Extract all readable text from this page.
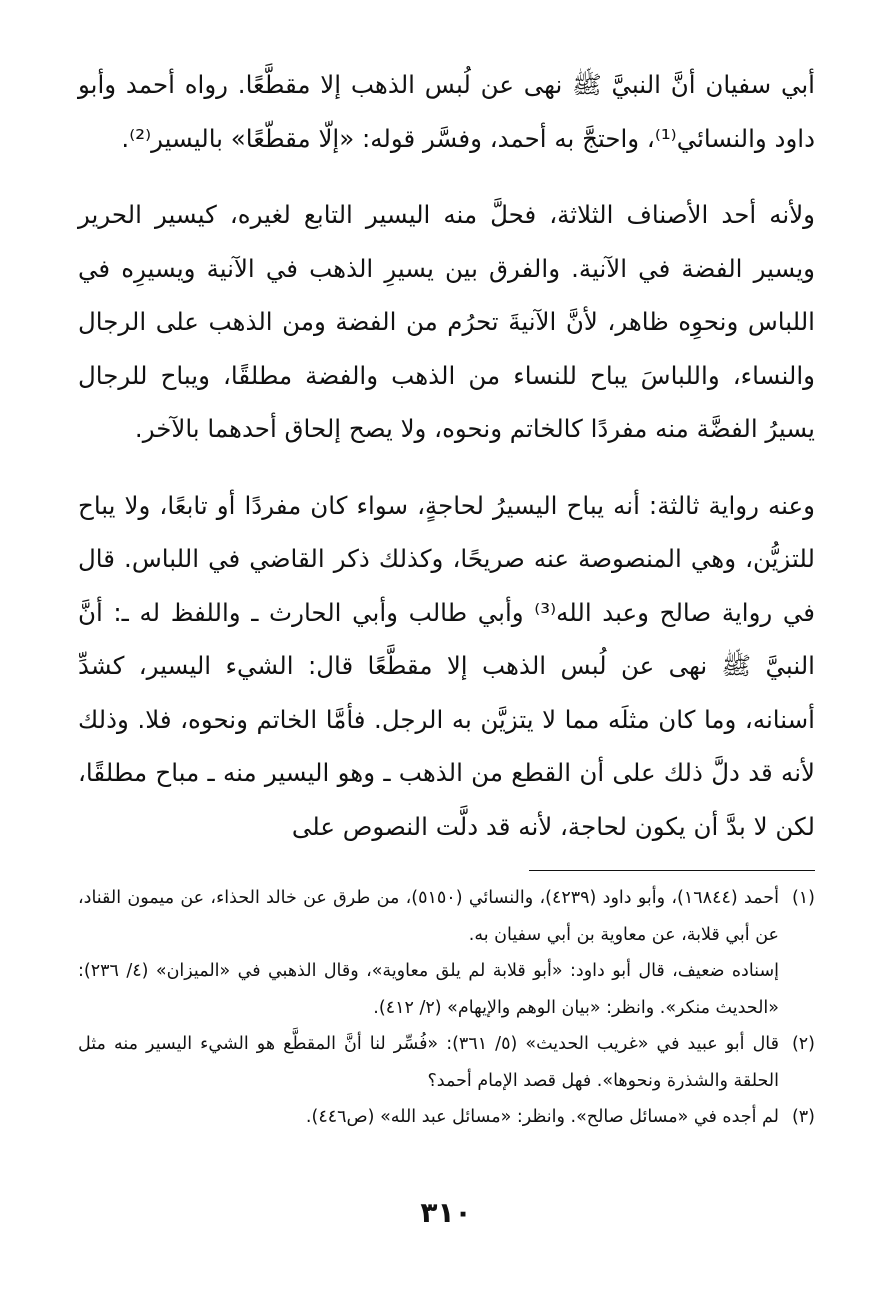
أبي سفيان أنَّ النبيَّ ﷺ نهى عن لُبس الذهب إلا مقطَّعًا. رواه أحمد وأبو داود والنسائي⁽¹⁾، واحتجَّ به أحمد، وفسَّر قوله: «إلّا مقطّعًا» باليسير⁽²⁾.

ولأنه أحد الأصناف الثلاثة، فحلَّ منه اليسير التابع لغيره، كيسير الحرير ويسير الفضة في الآنية. والفرق بين يسيرِ الذهب في الآنية ويسيرِه في اللباس ونحوِه ظاهر، لأنَّ الآنيةَ تحرُم من الفضة ومن الذهب على الرجال والنساء، واللباسَ يباح للنساء من الذهب والفضة مطلقًا، ويباح للرجال يسيرُ الفضَّة منه مفردًا كالخاتم ونحوه، ولا يصح إلحاق أحدهما بالآخر.

وعنه رواية ثالثة: أنه يباح اليسيرُ لحاجةٍ، سواء كان مفردًا أو تابعًا، ولا يباح للتزيُّن، وهي المنصوصة عنه صريحًا، وكذلك ذكر القاضي في اللباس. قال في رواية صالح وعبد الله⁽³⁾ وأبي طالب وأبي الحارث ـ واللفظ له ـ: أنَّ النبيَّ ﷺ نهى عن لُبس الذهب إلا مقطَّعًا قال: الشيء اليسير، كشدِّ أسنانه، وما كان مثلَه مما لا يتزيَّن به الرجل. فأمَّا الخاتم ونحوه، فلا. وذلك لأنه قد دلَّ ذلك على أن القطع من الذهب ـ وهو اليسير منه ـ مباح مطلقًا، لكن لا بدَّ أن يكون لحاجة، لأنه قد دلَّت النصوص على

(١)
أحمد (١٦٨٤٤)، وأبو داود (٤٢٣٩)، والنسائي (٥١٥٠)، من طرق عن خالد الحذاء، عن ميمون القناد، عن أبي قلابة، عن معاوية بن أبي سفيان به.
إسناده ضعيف، قال أبو داود: «أبو قلابة لم يلق معاوية»، وقال الذهبي في «الميزان» (٤/ ٢٣٦): «الحديث منكر». وانظر: «بيان الوهم والإيهام» (٢/ ٤١٢).
(٢)
قال أبو عبيد في «غريب الحديث» (٥/ ٣٦١): «فُسِّر لنا أنَّ المقطَّع هو الشيء اليسير منه مثل الحلقة والشذرة ونحوها». فهل قصد الإمام أحمد؟
(٣)
لم أجده في «مسائل صالح». وانظر: «مسائل عبد الله» (ص٤٤٦).
٣١٠
